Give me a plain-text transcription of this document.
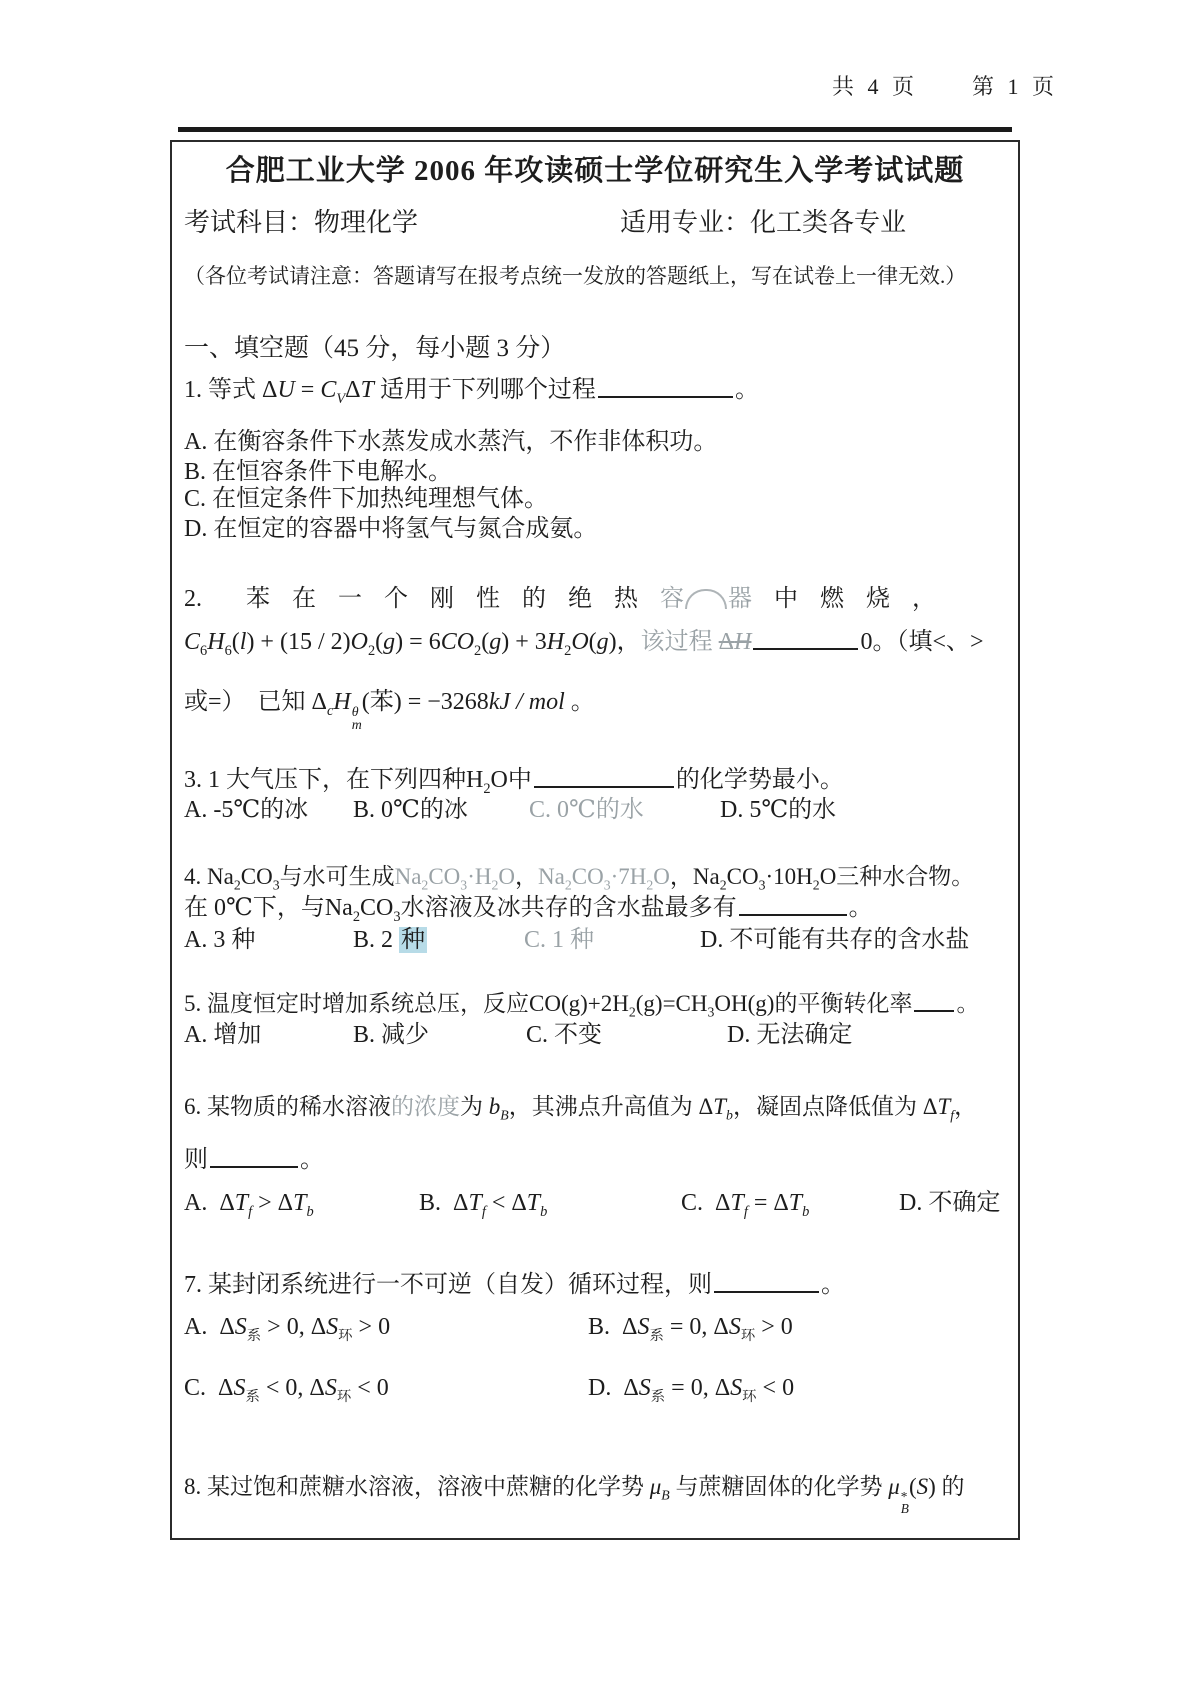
共 4 页 第 1 页
合肥工业大学 2006 年攻读硕士学位研究生入学考试试题
考试科目：物理化学	适用专业：化工类各专业
（各位考试请注意：答题请写在报考点统一发放的答题纸上，写在试卷上一律无效.）
一、填空题（45 分，每小题 3 分）
1. 等式 $\Delta U = C_V\Delta T$ 适用于下列哪个过程	。
A. 在衡容条件下水蒸发成水蒸汽，不作非体积功。
B. 在恒容条件下电解水。
C. 在恒定条件下加热纯理想气体。
D. 在恒定的容器中将氢气与氮合成氨。
2.  苯 在 一 个 刚 性 的 绝 热 容 器 中 燃 烧 ，
$C_6H_6(l) + (15 / 2)O_2(g) = 6CO_2(g) + 3H_2O(g)$，该过程 ΔH	0。（填<、>
或=）  已知 $\Delta_cH$ θ
m
(苯) = −3268kJ / mol 。
3. 1 大气压下，在下列四种$H_2O$中	的化学势最小。
A. -5℃的冰 B. 0℃的冰	C. 0℃的水	D. 5℃的水
4. $Na_2CO_3$与水可生成$Na_2CO_3\cdot H_2O$，$Na_2CO_3\cdot 7H_2O$，$Na_2CO_3\cdot 10H_2O$三种水合物。
在 0℃下，与$Na_2CO_3$水溶液及冰共存的含水盐最多有	。
A. 3 种	B. 2 种	C. 1 种	D. 不可能有共存的含水盐
5. 温度恒定时增加系统总压，反应$CO(g)+2H_2(g)=CH_3OH(g)$的平衡转化率 。
A. 增加	B. 减少	C. 不变	D. 无法确定
6. 某物质的稀水溶液的浓度为 $b_B$，其沸点升高值为 $\Delta T_b$，凝固点降低值为 $\Delta T_f$，
则	。
A.  $\Delta T_f > \Delta T_b$	B.  $\Delta T_f < \Delta T_b$	C.  $\Delta T_f = \Delta T_b$	D. 不确定
7. 某封闭系统进行一不可逆（自发）循环过程，则	。
A.  $\Delta S_系 > 0$, $\Delta S_环 > 0$	B.  $\Delta S_系 = 0$, $\Delta S_环 > 0$
C.  $\Delta S_系 < 0$, $\Delta S_环 < 0$	D.  $\Delta S_系 = 0$, $\Delta S_环 < 0$
8. 某过饱和蔗糖水溶液，溶液中蔗糖的化学势 $\mu_B$ 与蔗糖固体的化学势 μ *
B
(S) 的
